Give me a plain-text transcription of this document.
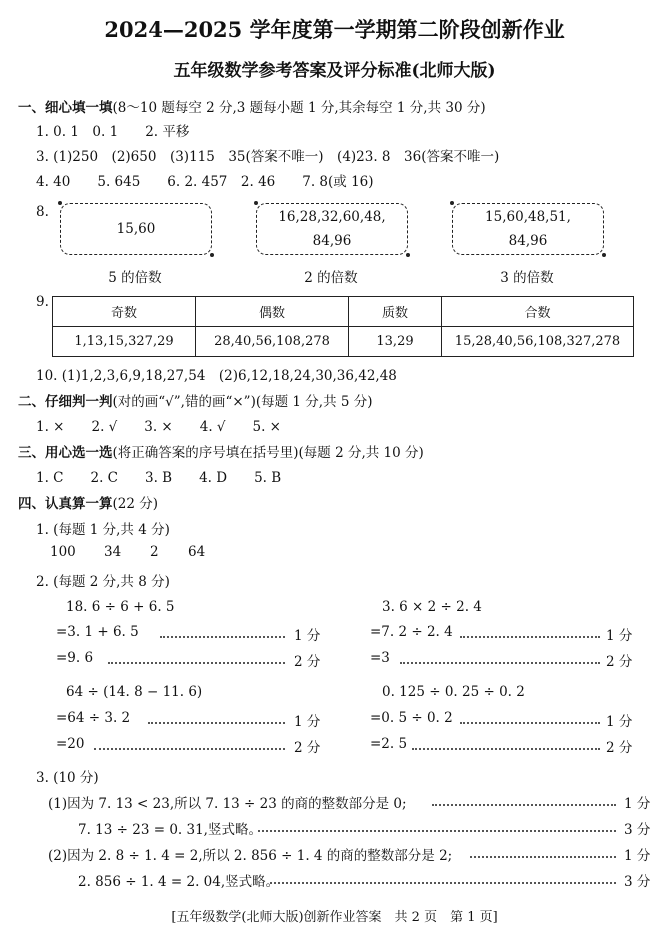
2024—2025 学年度第一学期第二阶段创新作业
五年级数学参考答案及评分标准(北师大版)
一、细心填一填(8～10 题每空 2 分,3 题每小题 1 分,其余每空 1 分,共 30 分)
1. 0. 1　0. 1　　2. 平移
3. (1)250　(2)650　(3)115　35(答案不唯一)　(4)23. 8　36(答案不唯一)
4. 40　　5. 645　　6. 2. 457　2. 46　　7. 8(或 16)
8.
15,60
16,28,32,60,48,
84,96
15,60,48,51,
84,96
5 的倍数	2 的倍数	3 的倍数
9.
奇数	偶数	质数	合数
1,13,15,327,29	28,40,56,108,278	13,29	15,28,40,56,108,327,278
10. (1)1,2,3,6,9,18,27,54　(2)6,12,18,24,30,36,42,48
二、仔细判一判(对的画“√”,错的画“×”)(每题 1 分,共 5 分)
1. ×　　2. √　　3. ×　　4. √　　5. ×
三、用心选一选(将正确答案的序号填在括号里)(每题 2 分,共 10 分)
1. C　　2. C　　3. B　　4. D　　5. B
四、认真算一算(22 分)
1. (每题 1 分,共 4 分)
100 34 2 64
2. (每题 2 分,共 8 分)
18. 6 ÷ 6 + 6. 5
=3. 1 + 6. 5	1 分
=9. 6	2 分
3. 6 × 2 ÷ 2. 4
=7. 2 ÷ 2. 4	1 分
=3	2 分
64 ÷ (14. 8 − 11. 6)
=64 ÷ 3. 2	1 分
=20	2 分
0. 125 ÷ 0. 25 ÷ 0. 2
=0. 5 ÷ 0. 2	1 分
=2. 5	2 分
3. (10 分)
(1)因为 7. 13 < 23,所以 7. 13 ÷ 23 的商的整数部分是 0;	1 分
7. 13 ÷ 23 = 0. 31,竖式略。	3 分
(2)因为 2. 8 ÷ 1. 4 = 2,所以 2. 856 ÷ 1. 4 的商的整数部分是 2;	1 分
2. 856 ÷ 1. 4 = 2. 04,竖式略。	3 分
[五年级数学(北师大版)创新作业答案　共 2 页　第 1 页]
